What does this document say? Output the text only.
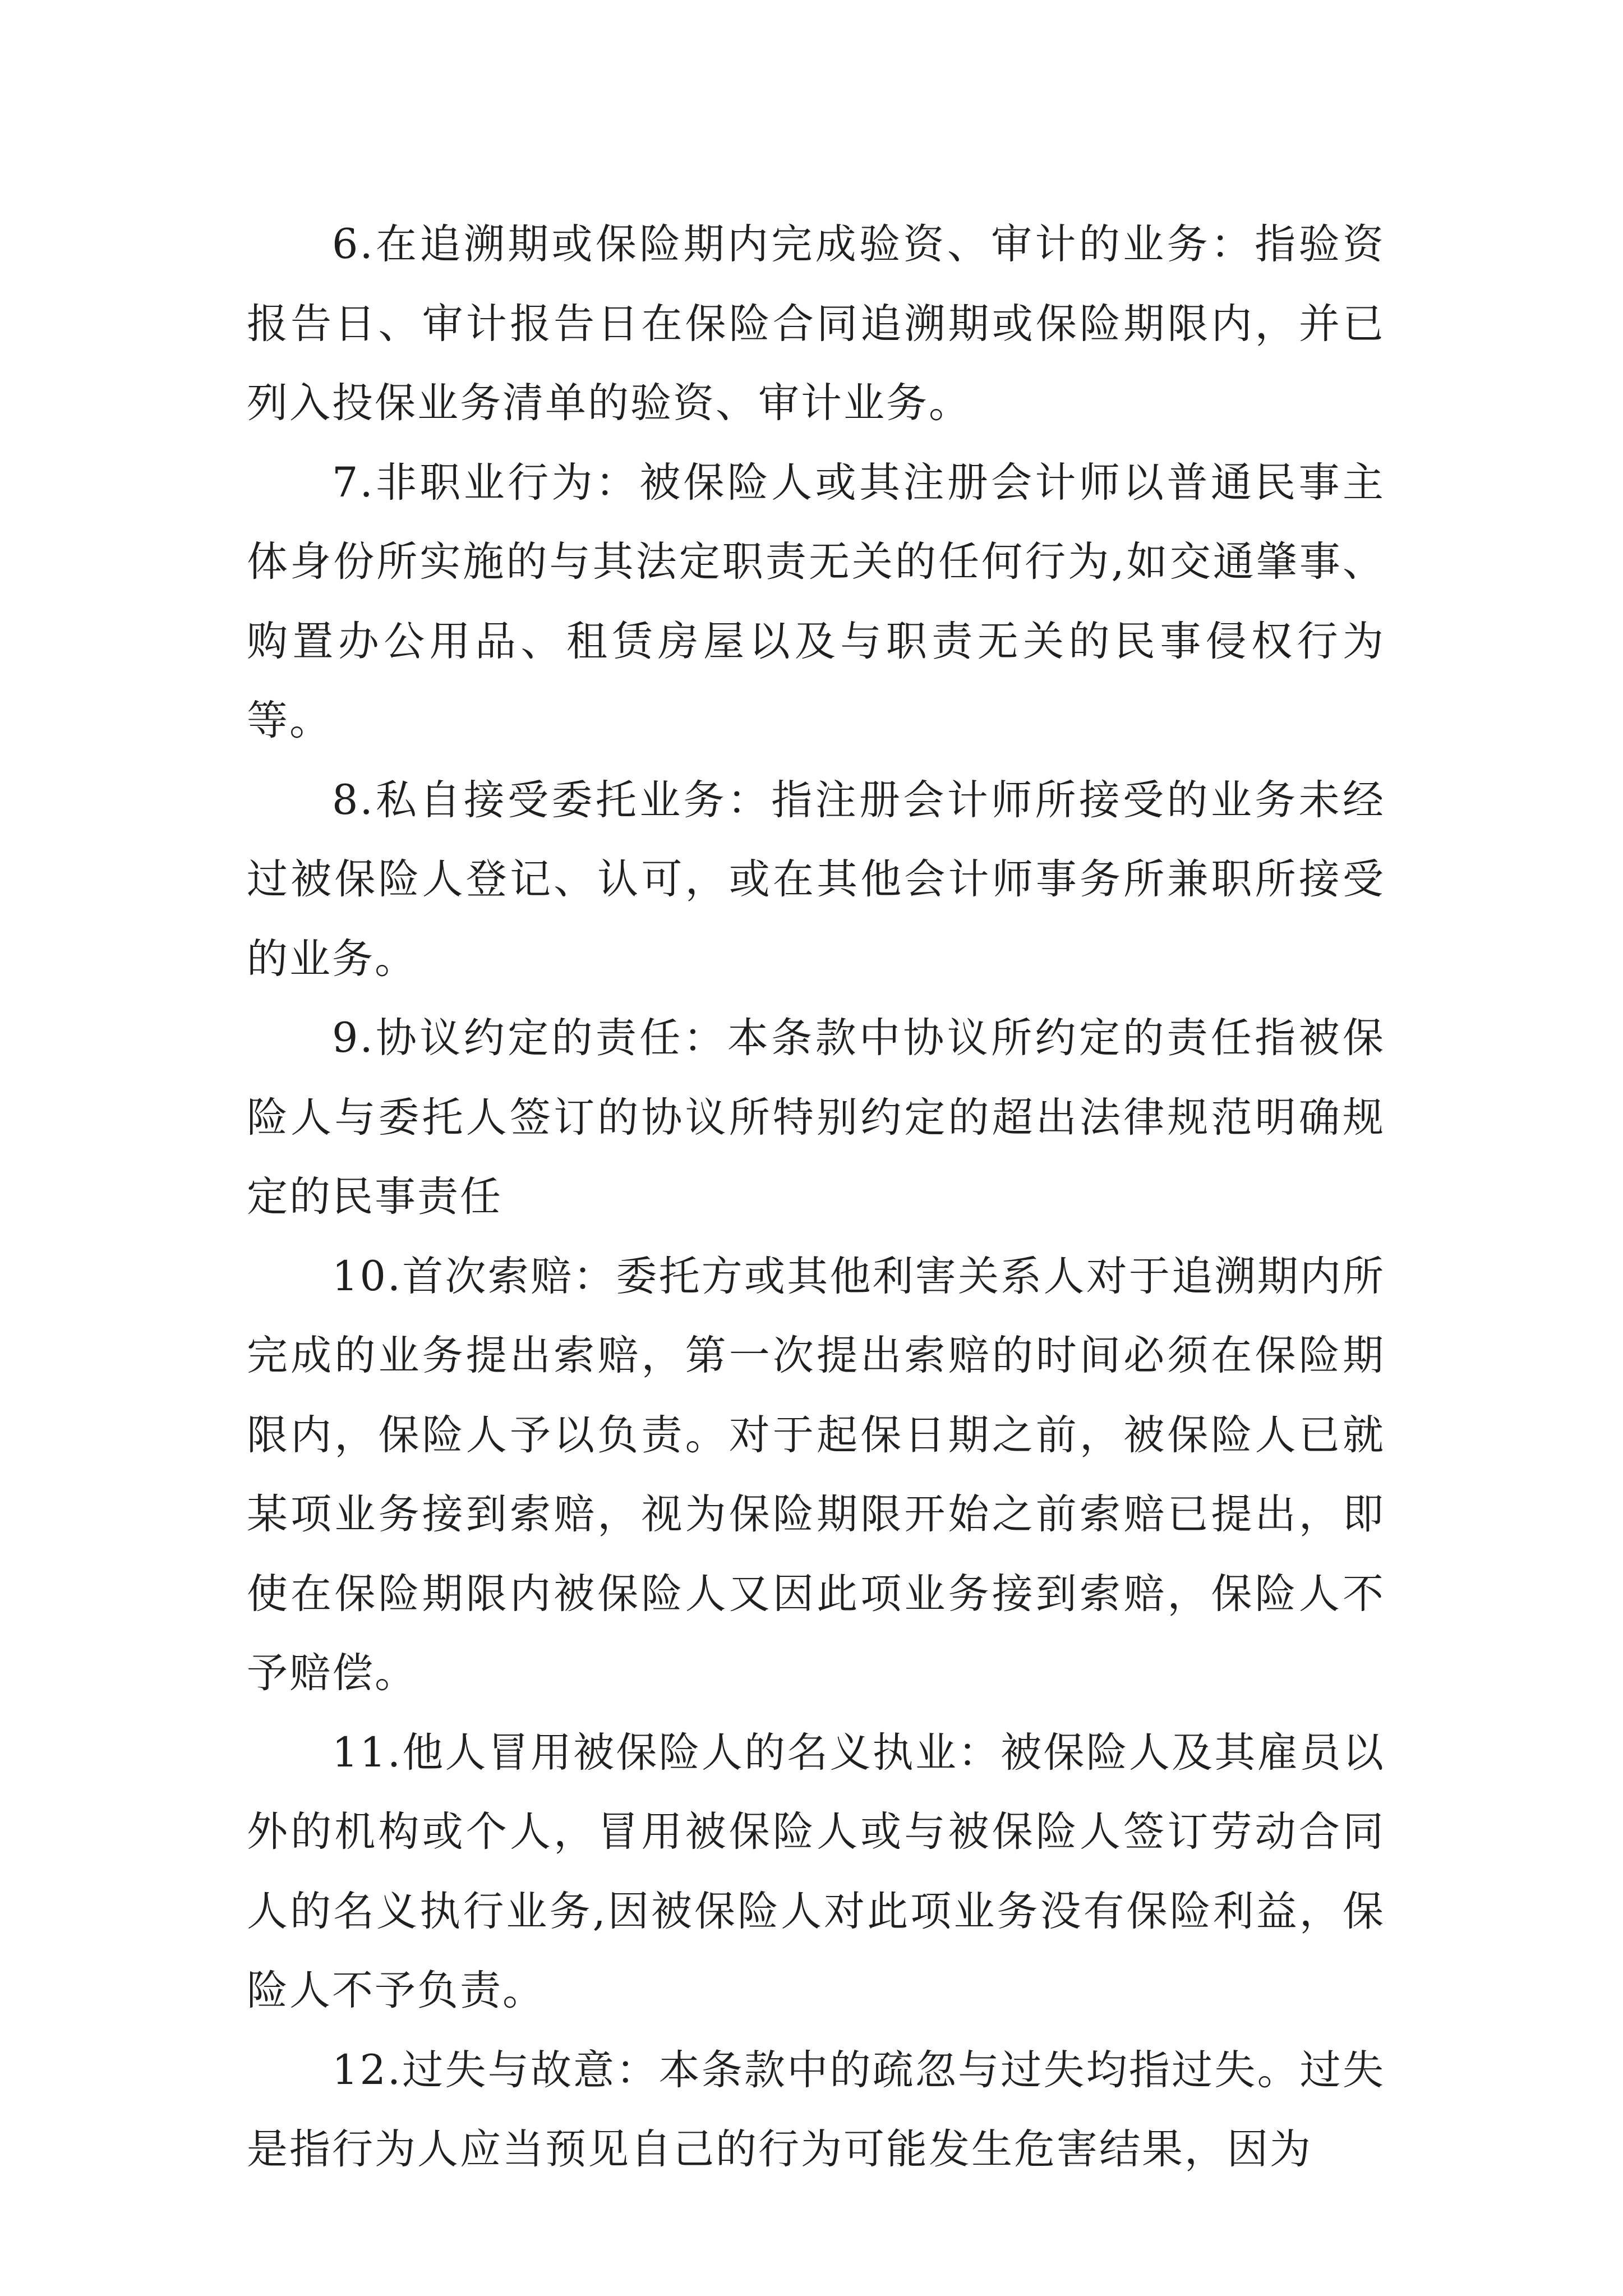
6.在追溯期或保险期内完成验资、审计的业务：指验资报告日、审计报告日在保险合同追溯期或保险期限内，并已列入投保业务清单的验资、审计业务。

7.非职业行为：被保险人或其注册会计师以普通民事主体身份所实施的与其法定职责无关的任何行为,如交通肇事、购置办公用品、租赁房屋以及与职责无关的民事侵权行为等。

8.私自接受委托业务：指注册会计师所接受的业务未经过被保险人登记、认可，或在其他会计师事务所兼职所接受的业务。

9.协议约定的责任：本条款中协议所约定的责任指被保险人与委托人签订的协议所特别约定的超出法律规范明确规定的民事责任

10.首次索赔：委托方或其他利害关系人对于追溯期内所完成的业务提出索赔，第一次提出索赔的时间必须在保险期限内，保险人予以负责。对于起保日期之前，被保险人已就某项业务接到索赔，视为保险期限开始之前索赔已提出，即使在保险期限内被保险人又因此项业务接到索赔，保险人不予赔偿。

11.他人冒用被保险人的名义执业：被保险人及其雇员以外的机构或个人，冒用被保险人或与被保险人签订劳动合同人的名义执行业务,因被保险人对此项业务没有保险利益，保险人不予负责。

12.过失与故意：本条款中的疏忽与过失均指过失。过失是指行为人应当预见自己的行为可能发生危害结果，因为
